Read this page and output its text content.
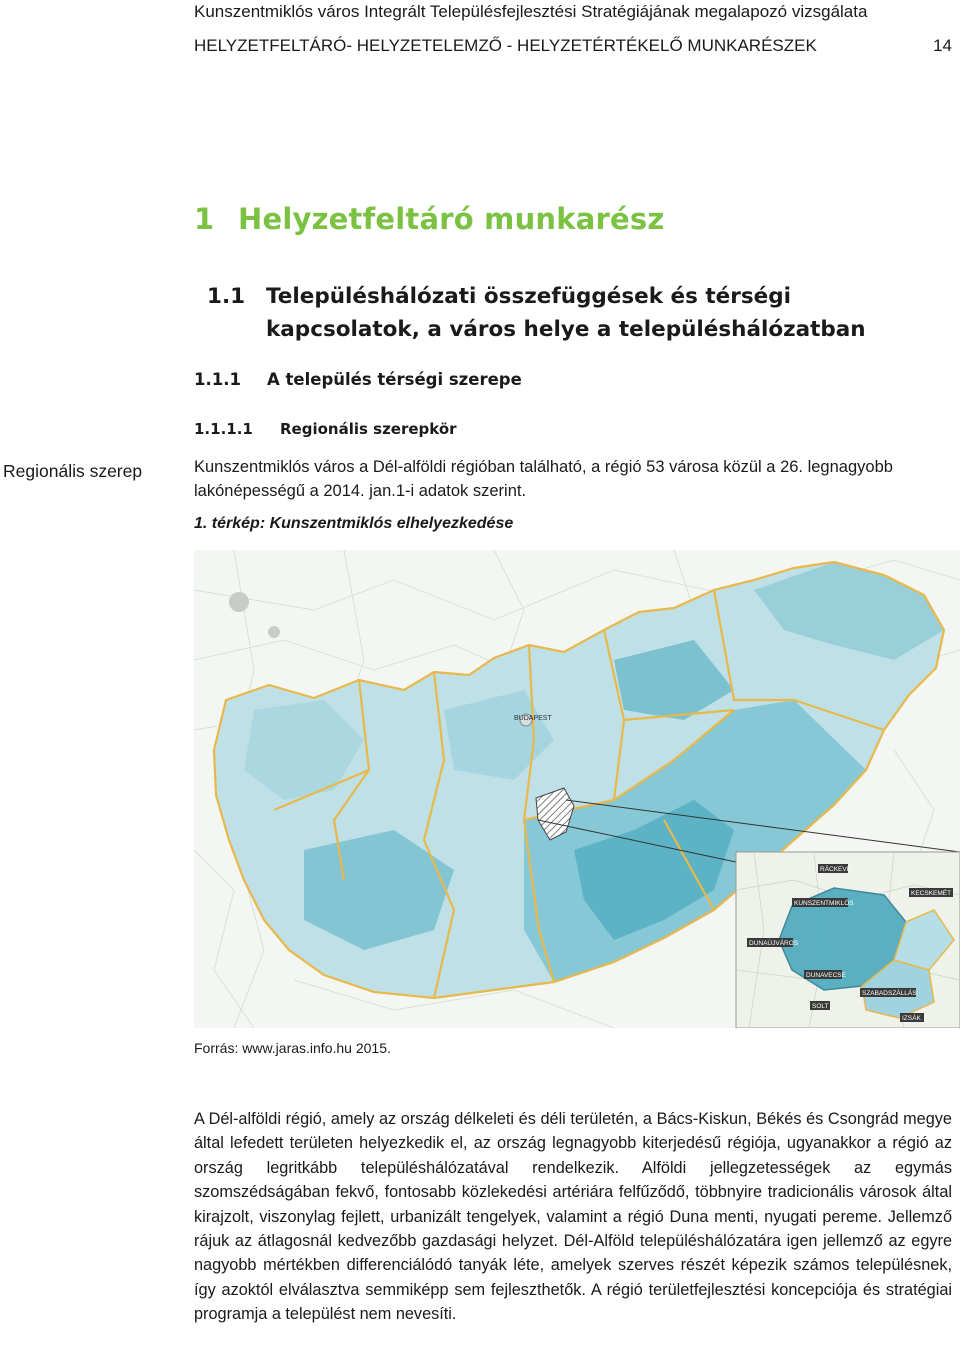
Kunszentmiklós város Integrált Településfejlesztési Stratégiájának megalapozó vizsgálata
HELYZETFELTÁRÓ- HELYZETELEMZŐ - HELYZETÉRTÉKELŐ MUNKARÉSZEK	14
1 Helyzetfeltáró munkarész
1.1 Településhálózati összefüggések és térségi kapcsolatok, a város helye a településhálózatban
1.1.1 A település térségi szerepe
1.1.1.1 Regionális szerepkör
Regionális szerep	Kunszentmiklós város a Dél-alföldi régióban található, a régió 53 városa közül a 26. legnagyobb lakónépességű a 2014. jan.1-i adatok szerint.
1. térkép: Kunszentmiklós elhelyezkedése
BUDAPEST
KUNSZENTMIKLÓS
DUNAÚJVÁROS
RÁCKEVE
DUNAVECSE
SZABADSZÁLLÁS
SOLT
IZSÁK
KECSKEMÉT
Forrás: www.jaras.info.hu 2015.

A Dél-alföldi régió, amely az ország délkeleti és déli területén, a Bács-Kiskun, Békés és Csongrád megye által lefedett területen helyezkedik el, az ország legnagyobb kiterjedésű régiója, ugyanakkor a régió az ország legritkább településhálózatával rendelkezik. Alföldi jellegzetességek az egymás szomszédságában fekvő, fontosabb közlekedési artériára felfűződő, többnyire tradicionális városok által kirajzolt, viszonylag fejlett, urbanizált tengelyek, valamint a régió Duna menti, nyugati pereme. Jellemző rájuk az átlagosnál kedvezőbb gazdasági helyzet. Dél-Alföld településhálózatára igen jellemző az egyre nagyobb mértékben differenciálódó tanyák léte, amelyek szerves részét képezik számos településnek, így azoktól elválasztva semmiképp sem fejleszthetők. A régió területfejlesztési koncepciója és stratégiai programja a települést nem nevesíti.
